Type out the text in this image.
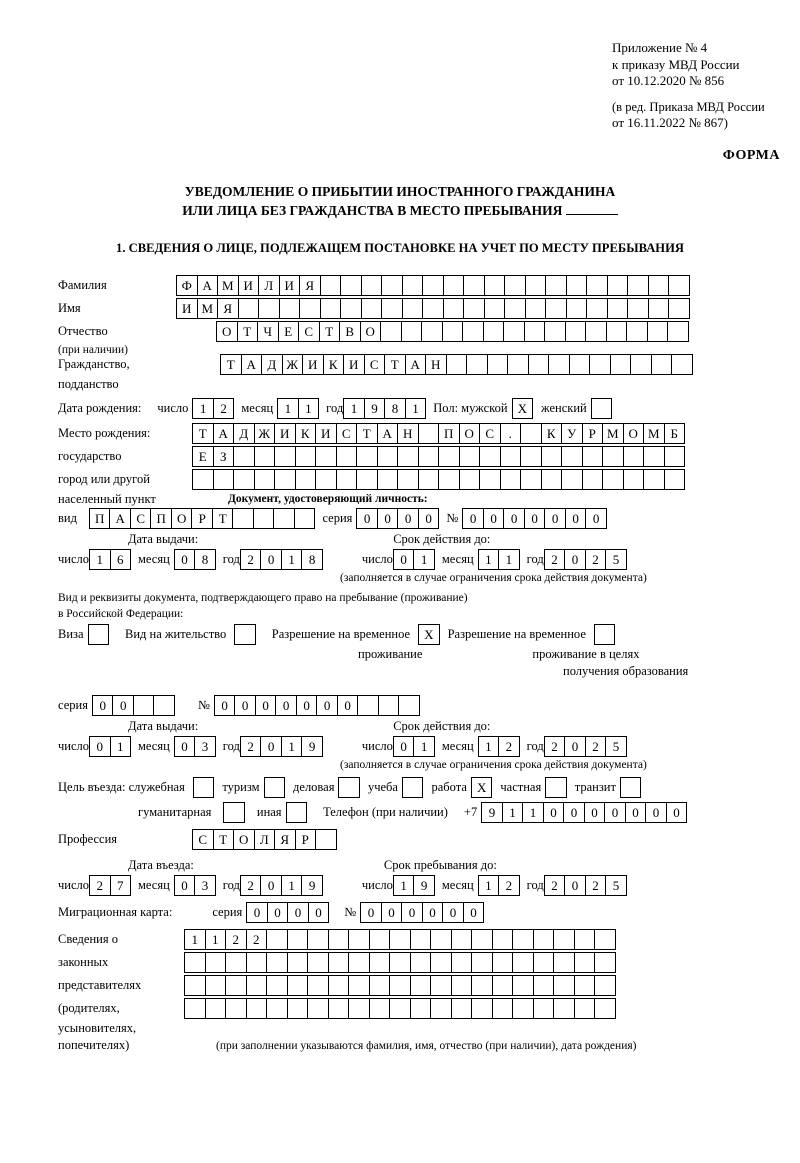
Приложение № 4
к приказу МВД России
от 10.12.2020 № 856
(в ред. Приказа МВД России
от 16.11.2022 № 867)
ФОРМА
УВЕДОМЛЕНИЕ О ПРИБЫТИИ ИНОСТРАННОГО ГРАЖДАНИНА
ИЛИ ЛИЦА БЕЗ ГРАЖДАНСТВА В МЕСТО ПРЕБЫВАНИЯ
1. СВЕДЕНИЯ О ЛИЦЕ, ПОДЛЕЖАЩЕМ ПОСТАНОВКЕ НА УЧЕТ ПО МЕСТУ ПРЕБЫВАНИЯ
Фамилия	Ф А М И Л И Я
Имя	И М Я
Отчество	О Т Ч Е С Т В О
(при наличии)
Гражданство,	Т А Д Ж И К И С Т А Н
подданство
Дата рождения: число 1	2	месяц 1	1	год 1	9	8	1	Пол: мужской X	женский
Место рождения:	Т А Д Ж И К И С Т А Н	П О С	.	К У Р М О М Б
государство	Е	З
город или другой
населенный пункт	Документ, удостоверяющий личность:
вид	П А С П О Р Т	серия 0	0	0	0	№ 0	0	0	0	0	0	0
Дата выдачи:	Срок действия до:
число 1	6	месяц 0	8	год 2	0	1	8	число 0	1	месяц 1	1	год 2	0	2	5
(заполняется в случае ограничения срока действия документа)
Вид и реквизиты документа, подтверждающего право на пребывание (проживание)
в Российской Федерации:
Виза	Вид на жительство	Разрешение на временное	X	Разрешение на временное
проживание	проживание в целях
получения образования
серия 0	0	№ 0	0	0	0	0	0	0
Дата выдачи:	Срок действия до:
число 0	1	месяц 0	3	год 2	0	1	9	число 0	1	месяц 1	2	год 2	0	2	5
(заполняется в случае ограничения срока действия документа)
Цель въезда: служебная	туризм	деловая	учеба	работа X	частная	транзит
гуманитарная	иная	Телефон (при наличии) +7 9	1	1	0	0	0	0	0	0	0
Профессия	С Т О Л Я Р
Дата въезда:	Срок пребывания до:
число 2	7	месяц 0	3	год 2	0	1	9	число 1	9	месяц 1	2	год 2	0	2	5
Миграционная карта:	серия 0	0	0	0	№ 0	0	0	0	0	0
Сведения о	1	1	2	2
законных
представителях
(родителях,
усыновителях,
попечителях)	(при заполнении указываются фамилия, имя, отчество (при наличии), дата рождения)
